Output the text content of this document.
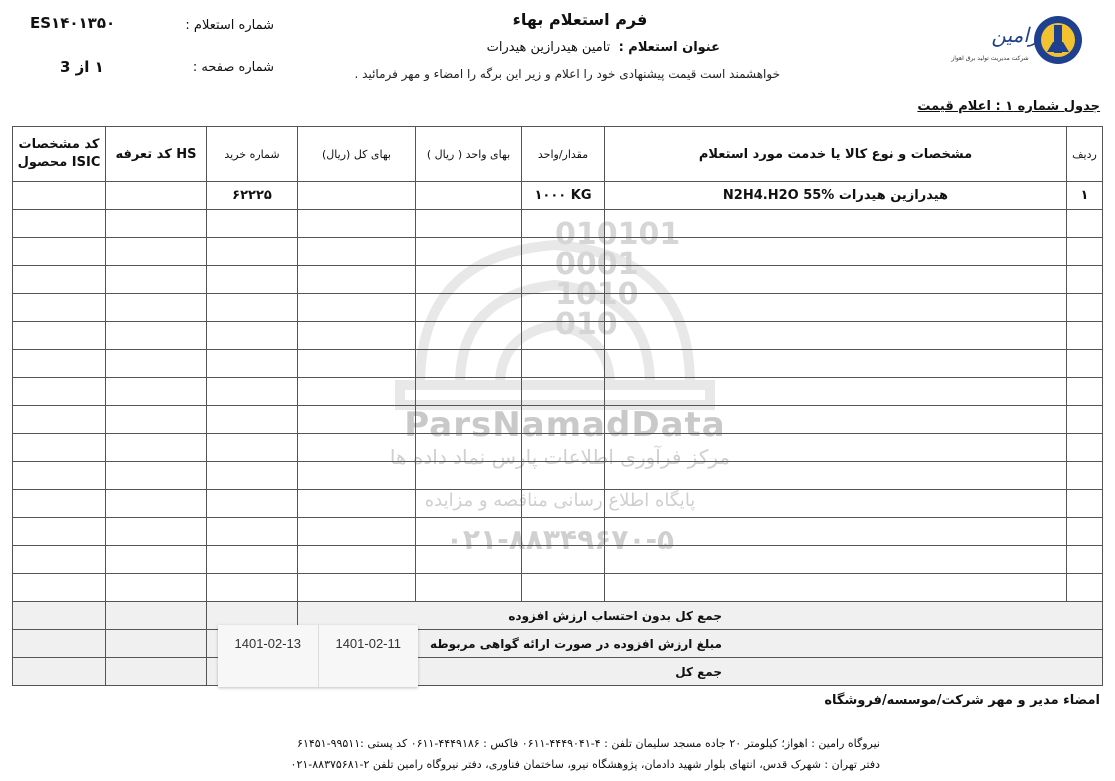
رامین
شرکت مدیریت تولید برق اهواز
فرم استعلام بهاء
عنوان استعلام :  تامین هیدرازین هیدرات
خواهشمند است قیمت پیشنهادی خود را اعلام و زیر این برگه را امضاء و مهر فرمائید .
شماره استعلام :
ES۱۴۰۱۳۵۰
شماره صفحه :
۱ از 3
جدول شماره ۱ : اعلام قیمت
010101
0001
1010
010
ParsNamadData
مرکز فرآوری اطلاعات پارس نماد داده ها
پایگاه اطلاع رسانی مناقصه و مزایده
۰۲۱-۸۸۳۴۹۶۷۰-۵
کد مشخصات محصول ISIC	کد تعرفه HS	شماره خرید	بهای کل (ریال)	بهای واحد ( ریال )	مقدار/واحد	مشخصات و نوع کالا یا خدمت مورد استعلام	ردیف
		۶۲۲۲۵			۱۰۰۰ KG	هیدرازین هیدرات N2H4.H2O 55%	۱

			جمع کل بدون احتساب ارزش افزوده				
			مبلغ ارزش افزوده در صورت ارائه گواهی مربوطه				
			جمع کل				
1401-02-13	1401-02-11
امضاء مدیر و مهر شرکت/موسسه/فروشگاه
نیروگاه رامین : اهواز؛ کیلومتر ۲۰ جاده مسجد سلیمان تلفن : ۴-۴۴۴۹۰۴۱-۰۶۱۱ فاکس : ۴۴۴۹۱۸۶-۰۶۱۱ کد پستی :۹۹۵۱۱-۶۱۴۵۱
دفتر تهران : شهرک قدس، انتهای بلوار شهید دادمان، پژوهشگاه نیرو، ساختمان فناوری، دفتر نیروگاه رامین تلفن ۲-۸۸۳۷۵۶۸۱-۰۲۱
